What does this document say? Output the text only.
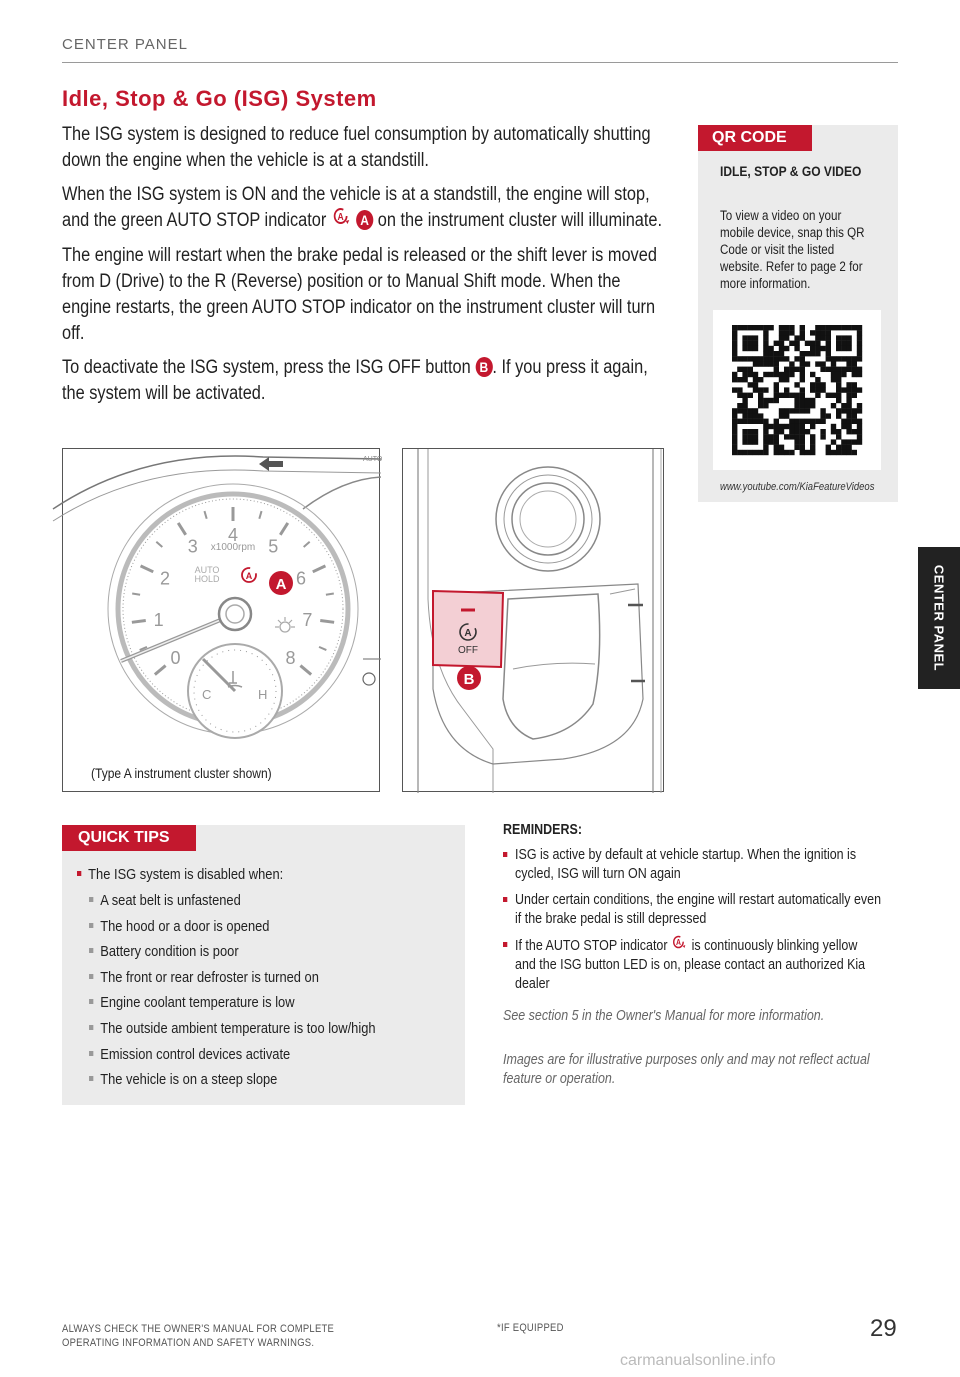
CENTER PANEL
Idle, Stop & Go (ISG) System

The ISG system is designed to reduce fuel consumption by automatically shutting down the engine when the vehicle is at a standstill.

When the ISG system is ON and the vehicle is at a standstill, the engine will stop, and the green AUTO STOP indicator A A on the instrument cluster will illuminate.

The engine will restart when the brake pedal is released or the shift lever is moved from D (Drive) to the R (Reverse) position or to Manual Shift mode. When the engine restarts, the green AUTO STOP indicator on the instrument cluster will turn off.

To deactivate the ISG system, press the ISG OFF button B . If you press it again, the system will be activated.

QR CODE
IDLE, STOP & GO VIDEO
To view a video on your mobile device, snap this QR Code or visit the listed website. Refer to page 2 for more information.
www.youtube.com/KiaFeatureVideos
AUTO
0
1
2
3
4
5
6
7
8
x1000rpm
AUTO
HOLD	A
C	H
A
(Type A instrument cluster shown)
A
OFF
B
QUICK TIPS
The ISG system is disabled when:
A seat belt is unfastened
The hood or a door is opened
Battery condition is poor
The front or rear defroster is turned on
Engine coolant temperature is low
The outside ambient temperature is too low/high
Emission control devices activate
The vehicle is on a steep slope
REMINDERS:
ISG is active by default at vehicle startup. When the ignition is cycled, ISG will turn ON again
Under certain conditions, the engine will restart automatically even if the brake pedal is still depressed
If the AUTO STOP indicator A is continuously blinking yellow and the ISG button LED is on, please contact an authorized Kia dealer
See section 5 in the Owner's Manual for more information.
Images are for illustrative purposes only and may not reflect actual feature or operation.
CENTER PANEL
ALWAYS CHECK THE OWNER'S MANUAL FOR COMPLETE
OPERATING INFORMATION AND SAFETY WARNINGS.
*IF EQUIPPED	29
carmanualsonline.info
